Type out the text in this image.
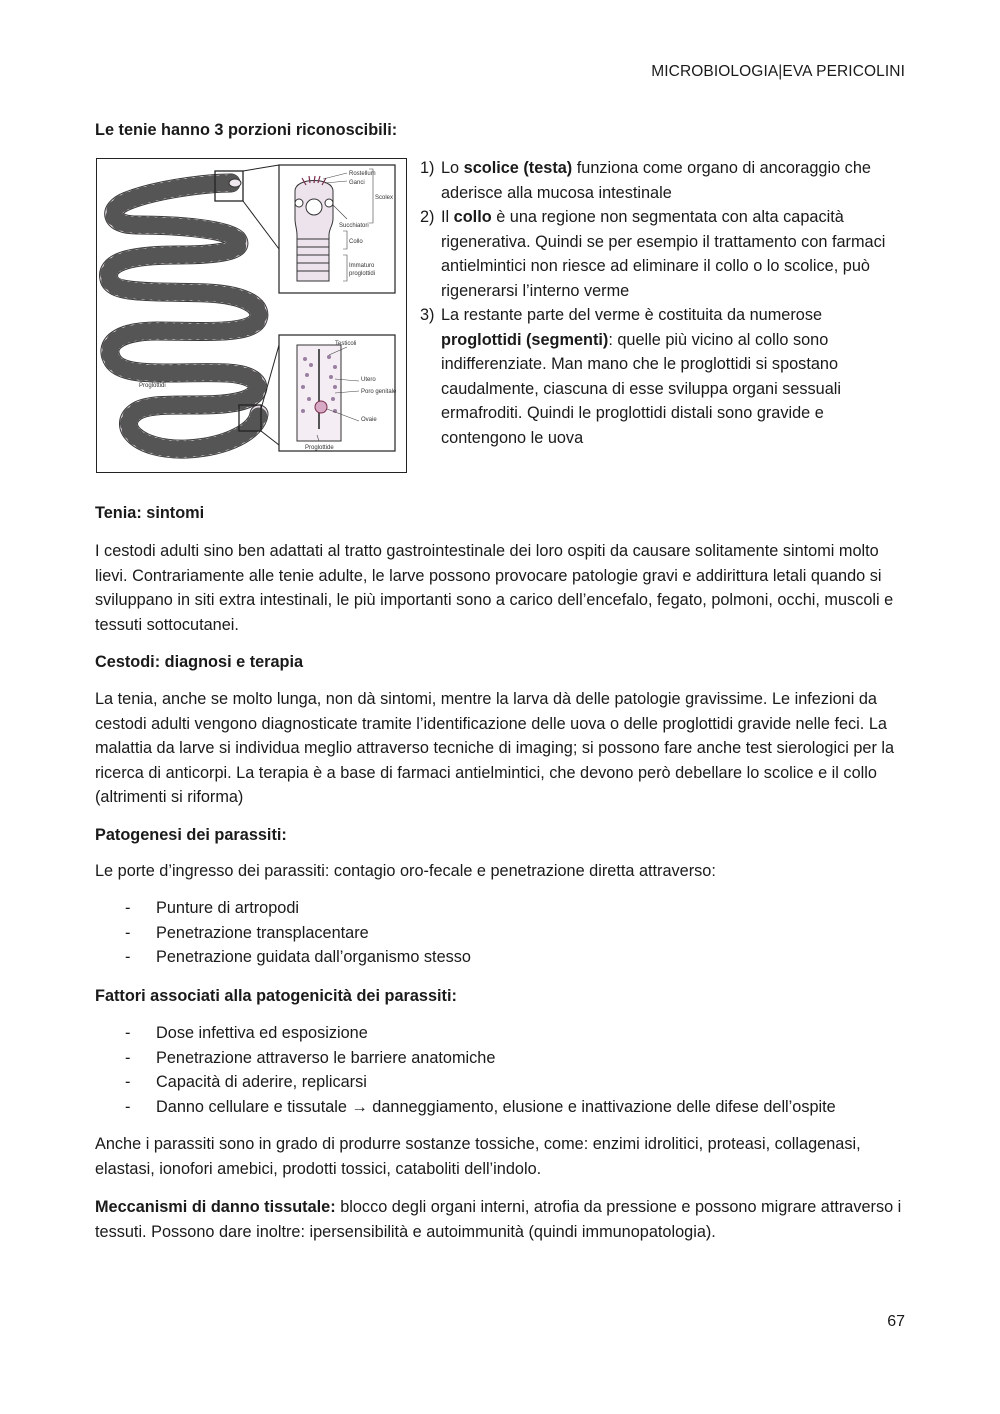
MICROBIOLOGIA|EVA PERICOLINI
Le tenie hanno 3 porzioni riconoscibili:
Rostellum
Ganci
Scolex
Succhiatori
Collo
Immaturo
proglottidi
Testicoli
Utero
Poro genitale
Ovaie
Proglottide
Proglottidi
1) Lo scolice (testa) funziona come organo di ancoraggio che aderisce alla mucosa intestinale
2) Il collo è una regione non segmentata con alta capacità rigenerativa. Quindi se per esempio il trattamento con farmaci antielmintici non riesce ad eliminare il collo o lo scolice, può rigenerarsi l’interno verme
3) La restante parte del verme è costituita da numerose proglottidi (segmenti): quelle più vicino al collo sono indifferenziate. Man mano che le proglottidi si spostano caudalmente, ciascuna di esse sviluppa organi sessuali ermafroditi. Quindi le proglottidi distali sono gravide e contengono le uova
Tenia: sintomi

I cestodi adulti sino ben adattati al tratto gastrointestinale dei loro ospiti da causare solitamente sintomi molto lievi. Contrariamente alle tenie adulte, le larve possono provocare patologie gravi e addirittura letali quando si sviluppano in siti extra intestinali, le più importanti sono a carico dell’encefalo, fegato, polmoni, occhi, muscoli e tessuti sottocutanei.

Cestodi: diagnosi e terapia

La tenia, anche se molto lunga, non dà sintomi, mentre la larva dà delle patologie gravissime. Le infezioni da cestodi adulti vengono diagnosticate tramite l’identificazione delle uova o delle proglottidi gravide nelle feci. La malattia da larve si individua meglio attraverso tecniche di imaging; si possono fare anche test sierologici per la ricerca di anticorpi. La terapia è a base di farmaci antielmintici, che devono però debellare lo scolice e il collo (altrimenti si riforma)

Patogenesi dei parassiti:

Le porte d’ingresso dei parassiti: contagio oro-fecale e penetrazione diretta attraverso:

- Punture di artropodi
- Penetrazione transplacentare
- Penetrazione guidata dall’organismo stesso
Fattori associati alla patogenicità dei parassiti:
- Dose infettiva ed esposizione
- Penetrazione attraverso le barriere anatomiche
- Capacità di aderire, replicarsi
- Danno cellulare e tissutale → danneggiamento, elusione e inattivazione delle difese dell’ospite

Anche i parassiti sono in grado di produrre sostanze tossiche, come: enzimi idrolitici, proteasi, collagenasi, elastasi, ionofori amebici, prodotti tossici, cataboliti dell’indolo.

Meccanismi di danno tissutale: blocco degli organi interni, atrofia da pressione e possono migrare attraverso i tessuti. Possono dare inoltre: ipersensibilità e autoimmunità (quindi immunopatologia).

67
